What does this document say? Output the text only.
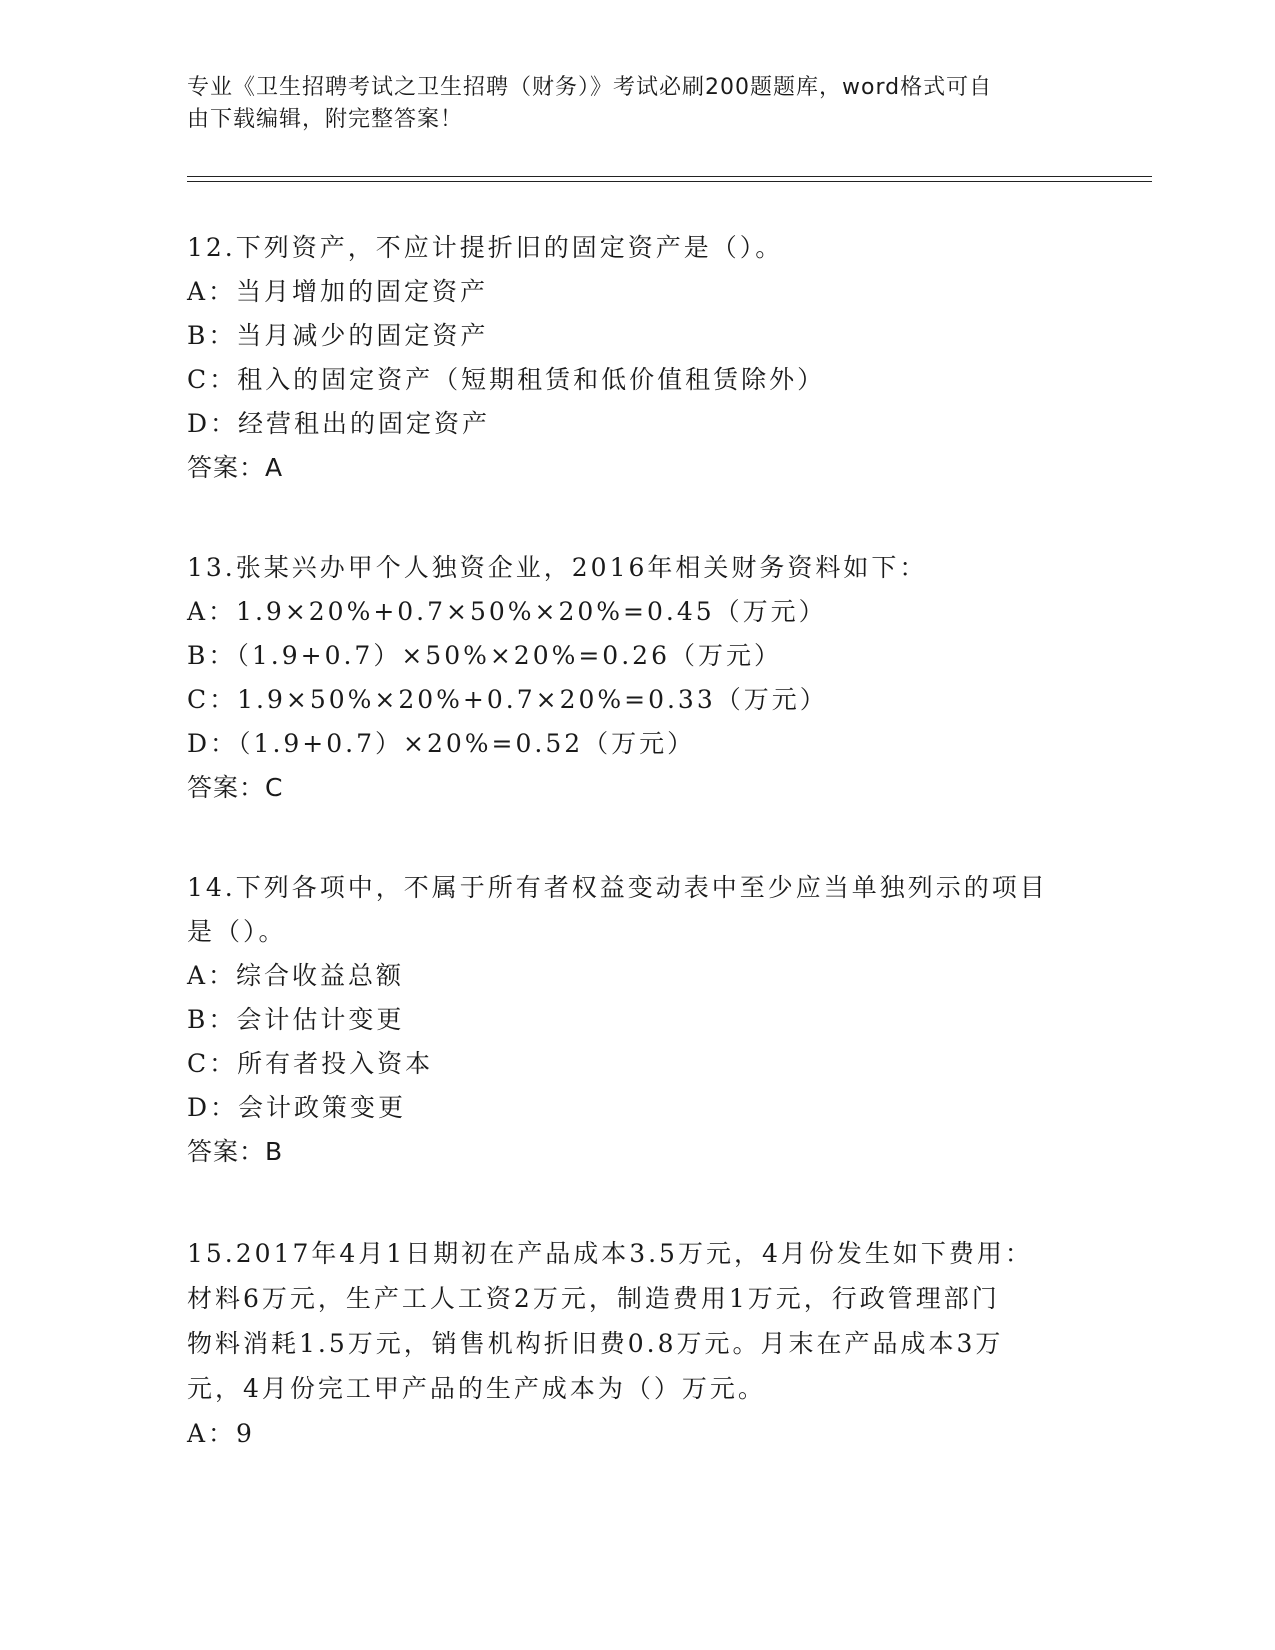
专业《卫生招聘考试之卫生招聘（财务）》考试必刷200题题库，word格式可自
由下载编辑，附完整答案！
12.下列资产，不应计提折旧的固定资产是（）。
A：当月增加的固定资产
B：当月减少的固定资产
C：租入的固定资产（短期租赁和低价值租赁除外）
D：经营租出的固定资产
答案：A
13.张某兴办甲个人独资企业，2016年相关财务资料如下：
A：1.9×20%+0.7×50%×20%=0.45（万元）
B：（1.9+0.7）×50%×20%=0.26（万元）
C：1.9×50%×20%+0.7×20%=0.33（万元）
D：（1.9+0.7）×20%=0.52（万元）
答案：C
14.下列各项中，不属于所有者权益变动表中至少应当单独列示的项目
是（）。
A：综合收益总额
B：会计估计变更
C：所有者投入资本
D：会计政策变更
答案：B
15.2017年4月1日期初在产品成本3.5万元，4月份发生如下费用：
材料6万元，生产工人工资2万元，制造费用1万元，行政管理部门
物料消耗1.5万元，销售机构折旧费0.8万元。月末在产品成本3万
元，4月份完工甲产品的生产成本为（）万元。
A：9
